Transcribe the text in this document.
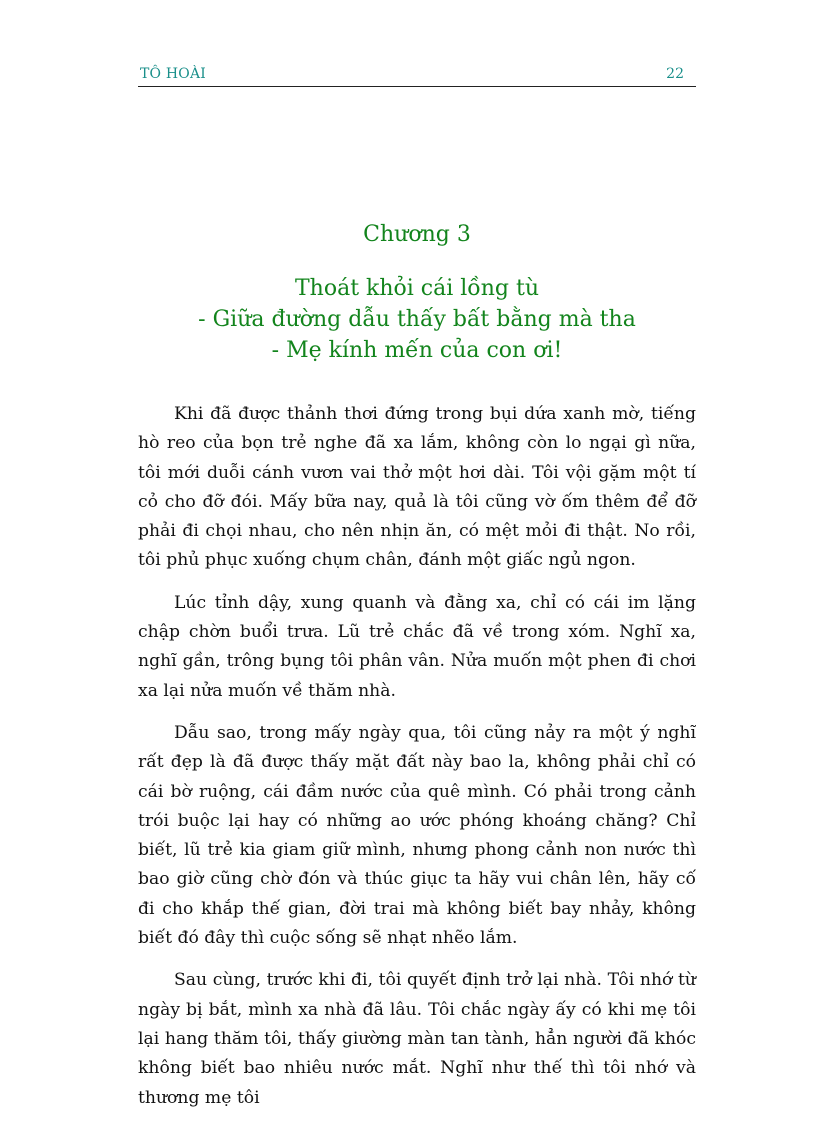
TÔ HOÀI	22
Chương 3
Thoát khỏi cái lồng tù
- Giữa đường dẫu thấy bất bằng mà tha
- Mẹ kính mến của con ơi!

Khi đã được thảnh thơi đứng trong bụi dứa xanh mờ, tiếng hò reo của bọn trẻ nghe đã xa lắm, không còn lo ngại gì nữa, tôi mới duỗi cánh vươn vai thở một hơi dài. Tôi vội gặm một tí cỏ cho đỡ đói. Mấy bữa nay, quả là tôi cũng vờ ốm thêm để đỡ phải đi chọi nhau, cho nên nhịn ăn, có mệt mỏi đi thật. No rồi, tôi phủ phục xuống chụm chân, đánh một giấc ngủ ngon.

Lúc tỉnh dậy, xung quanh và đằng xa, chỉ có cái im lặng chập chờn buổi trưa. Lũ trẻ chắc đã về trong xóm. Nghĩ xa, nghĩ gần, trông bụng tôi phân vân. Nửa muốn một phen đi chơi xa lại nửa muốn về thăm nhà.

Dẫu sao, trong mấy ngày qua, tôi cũng nảy ra một ý nghĩ rất đẹp là đã được thấy mặt đất này bao la, không phải chỉ có cái bờ ruộng, cái đầm nước của quê mình. Có phải trong cảnh trói buộc lại hay có những ao ước phóng khoáng chăng? Chỉ biết, lũ trẻ kia giam giữ mình, nhưng phong cảnh non nước thì bao giờ cũng chờ đón và thúc giục ta hãy vui chân lên, hãy cố đi cho khắp thế gian, đời trai mà không biết bay nhảy, không biết đó đây thì cuộc sống sẽ nhạt nhẽo lắm.

Sau cùng, trước khi đi, tôi quyết định trở lại nhà. Tôi nhớ từ ngày bị bắt, mình xa nhà đã lâu. Tôi chắc ngày ấy có khi mẹ tôi lại hang thăm tôi, thấy giường màn tan tành, hẳn người đã khóc không biết bao nhiêu nước mắt. Nghĩ như thế thì tôi nhớ và thương mẹ tôi
